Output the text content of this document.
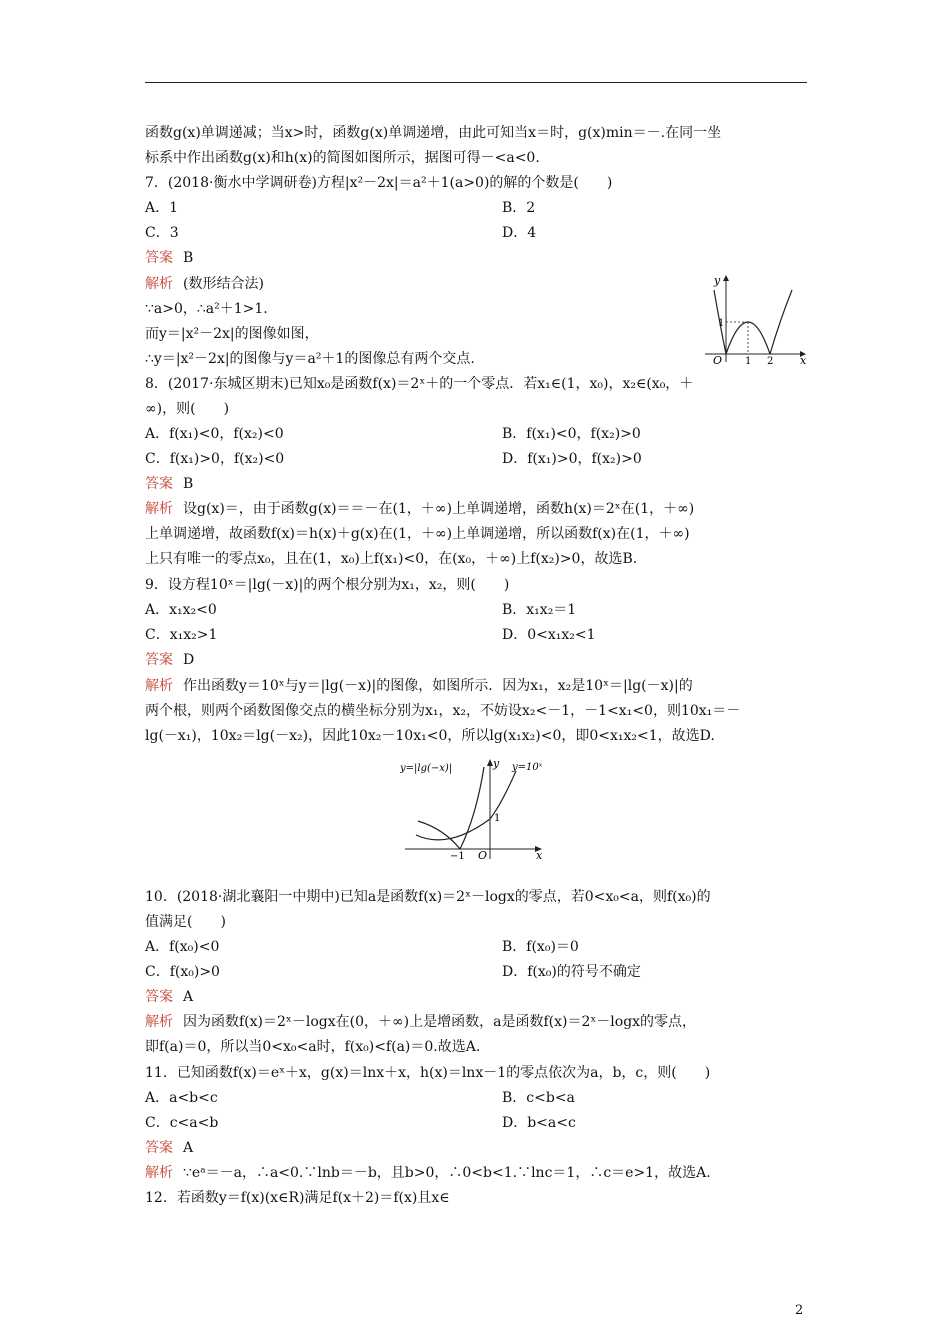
函数g(x)单调递减；当x>时，函数g(x)单调递增，由此可知当x＝时，g(x)min＝－.在同一坐
标系中作出函数g(x)和h(x)的简图如图所示，据图可得－<a<0.
7．(2018·衡水中学调研卷)方程|x²－2x|＝a²＋1(a>0)的解的个数是(　　)
A．1	B．2
C．3	D．4
答案 B
解析 (数形结合法)
∵a>0，∴a²＋1>1.
而y＝|x²－2x|的图像如图，
∴y＝|x²－2x|的图像与y＝a²＋1的图像总有两个交点.
y
x
O 1 2
1
8．(2017·东城区期末)已知x₀是函数f(x)＝2ˣ＋的一个零点．若x₁∈(1，x₀)，x₂∈(x₀，＋
∞)，则(　　)
A．f(x₁)<0，f(x₂)<0	B．f(x₁)<0，f(x₂)>0
C．f(x₁)>0，f(x₂)<0	D．f(x₁)>0，f(x₂)>0
答案 B
解析 设g(x)＝，由于函数g(x)＝＝－在(1，＋∞)上单调递增，函数h(x)＝2ˣ在(1，＋∞)
上单调递增，故函数f(x)＝h(x)＋g(x)在(1，＋∞)上单调递增，所以函数f(x)在(1，＋∞)
上只有唯一的零点x₀，且在(1，x₀)上f(x₁)<0，在(x₀，＋∞)上f(x₂)>0，故选B.
9．设方程10ˣ＝|lg(－x)|的两个根分别为x₁，x₂，则(　　)
A．x₁x₂<0	B．x₁x₂＝1
C．x₁x₂>1	D．0<x₁x₂<1
答案 D
解析 作出函数y＝10ˣ与y＝|lg(－x)|的图像，如图所示．因为x₁，x₂是10ˣ＝|lg(－x)|的
两个根，则两个函数图像交点的横坐标分别为x₁，x₂，不妨设x₂<－1，－1<x₁<0，则10x₁＝－
lg(－x₁)，10x₂＝lg(－x₂)，因此10x₂－10x₁<0，所以lg(x₁x₂)<0，即0<x₁x₂<1，故选D.
y=|lg(−x)|	y=10ˣ
y
x
O
−1
1
10．(2018·湖北襄阳一中期中)已知a是函数f(x)＝2ˣ－logx的零点，若0<x₀<a，则f(x₀)的
值满足(　　)
A．f(x₀)<0	B．f(x₀)＝0
C．f(x₀)>0	D．f(x₀)的符号不确定
答案 A
解析 因为函数f(x)＝2ˣ－logx在(0，＋∞)上是增函数，a是函数f(x)＝2ˣ－logx的零点，
即f(a)＝0，所以当0<x₀<a时，f(x₀)<f(a)＝0.故选A.
11．已知函数f(x)＝eˣ＋x，g(x)＝lnx＋x，h(x)＝lnx－1的零点依次为a，b，c，则(　　)
A．a<b<c	B．c<b<a
C．c<a<b	D．b<a<c
答案 A
解析 ∵eᵃ＝－a，∴a<0.∵lnb＝－b，且b>0，∴0<b<1.∵lnc＝1，∴c＝e>1，故选A.
12．若函数y＝f(x)(x∈R)满足f(x＋2)＝f(x)且x∈
2
